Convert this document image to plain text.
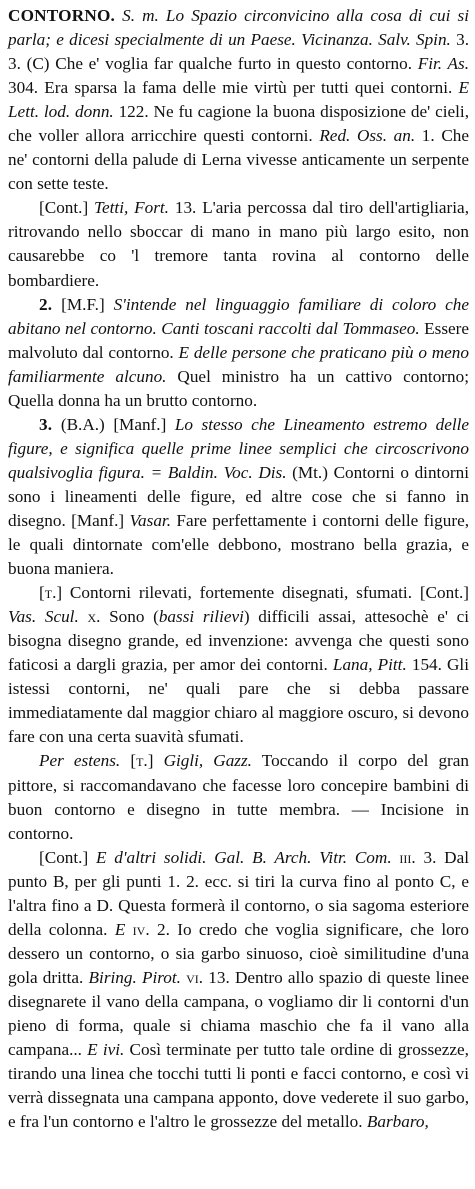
CONTORNO. S. m. Lo Spazio circonvicino alla cosa di cui si parla; e dicesi specialmente di un Paese. Vicinanza. Salv. Spin. 3. 3. (C) Che e' voglia far qualche furto in questo contorno. Fir. As. 304. Era sparsa la fama delle mie virtù per tutti quei contorni. E Lett. lod. donn. 122. Ne fu cagione la buona disposizione de' cieli, che voller allora arricchire questi contorni. Red. Oss. an. 1. Che ne' contorni della palude di Lerna vivesse anticamente un serpente con sette teste.

[Cont.] Tetti, Fort. 13. L'aria percossa dal tiro dell'artigliaria, ritrovando nello sboccar di mano in mano più largo esito, non causarebbe co 'l tremore tanta rovina al contorno delle bombardiere.

2. [M.F.] S'intende nel linguaggio familiare di coloro che abitano nel contorno. Canti toscani raccolti dal Tommaseo. Essere malvoluto dal contorno. E delle persone che praticano più o meno familiarmente alcuno. Quel ministro ha un cattivo contorno; Quella donna ha un brutto contorno.

3. (B.A.) [Manf.] Lo stesso che Lineamento estremo delle figure, e significa quelle prime linee semplici che circoscrivono qualsivoglia figura. = Baldin. Voc. Dis. (Mt.) Contorni o dintorni sono i lineamenti delle figure, ed altre cose che si fanno in disegno. [Manf.] Vasar. Fare perfettamente i contorni delle figure, le quali dintornate com'elle debbono, mostrano bella grazia, e buona maniera.

[t.] Contorni rilevati, fortemente disegnati, sfumati. [Cont.] Vas. Scul. x. Sono (bassi rilievi) difficili assai, attesochè e' ci bisogna disegno grande, ed invenzione: avvenga che questi sono faticosi a dargli grazia, per amor dei contorni. Lana, Pitt. 154. Gli istessi contorni, ne' quali pare che si debba passare immediatamente dal maggior chiaro al maggiore oscuro, si devono fare con una certa suavità sfumati.

Per estens. [t.] Gigli, Gazz. Toccando il corpo del gran pittore, si raccomandavano che facesse loro concepire bambini di buon contorno e disegno in tutte membra. — Incisione in contorno.

[Cont.] E d'altri solidi. Gal. B. Arch. Vitr. Com. iii. 3. Dal punto B, per gli punti 1. 2. ecc. si tiri la curva fino al ponto C, e l'altra fino a D. Questa formerà il contorno, o sia sagoma esteriore della colonna. E iv. 2. Io credo che voglia significare, che loro dessero un contorno, o sia garbo sinuoso, cioè similitudine d'una gola dritta. Biring. Pirot. vi. 13. Dentro allo spazio di queste linee disegnarete il vano della campana, o vogliamo dir li contorni d'un pieno di forma, quale si chiama maschio che fa il vano alla campana... E ivi. Così terminate per tutto tale ordine di grossezze, tirando una linea che tocchi tutti li ponti e facci contorno, e così vi verrà dissegnata una campana apponto, dove vederete il suo garbo, e fra l'un contorno e l'altro le grossezze del metallo. Barbaro,
